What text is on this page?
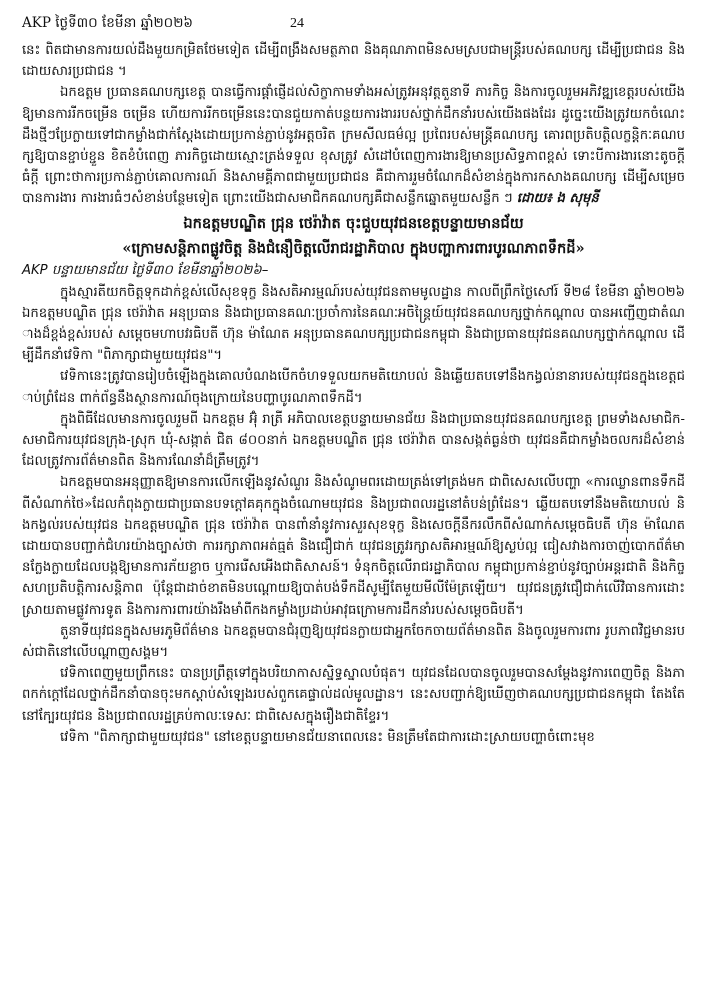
AKP ថ្ងៃទី៣០ ខែមីនា ឆ្នាំ២០២៦	24

នេះ ពិតជាមានការយល់ដឹងមួយកម្រិតថែមទៀត ដើម្បីពង្រឹងសមត្ថភាព និងគុណភាពមិនសមស្របជាមន្ត្រីរបស់គណបក្ស ដើម្បីប្រជាជន និងដោយសារប្រជាជន ។

ឯកឧត្តម ប្រធានគណបក្សខេត្ត បានធ្វើការផ្តាំផ្ញើដល់សិក្ខាកាមទាំងអស់ត្រូវអនុវត្តតួនាទី ភារកិច្ច និងការចូលរួមអភិវឌ្ឍខេត្តរបស់យើងឱ្យមានការរីកចម្រើន ចម្រើន ហើយការរីកចម្រើននេះបានជួយកាត់បន្ថយការងាររបស់ថ្នាក់ដឹកនាំរបស់យើងផងដែរ ដូច្នេះយើងត្រូវយកចំណេះដឹងថ្មីៗប្រែក្លាយទៅជាកម្លាំងជាក់ស្តែងដោយប្រកាន់ភ្ជាប់នូវអត្តចរិត ក្រមសីលធម៌ល្អ ប្រពៃរបស់មន្ត្រីគណបក្ស គោរពប្រតិបត្តិលក្ខន្តិកៈគណបក្សឱ្យបានខ្ជាប់ខ្ជួន ខិតខំបំពេញ ភារកិច្ចដោយស្មោះត្រង់ទទួល ខុសត្រូវ សំដៅបំពេញការងារឱ្យមានប្រសិទ្ធភាពខ្ពស់ ទោះបីការងារនោះតូចក្តី ធំក្តី ព្រោះថាការប្រកាន់ភ្ជាប់គោលការណ៍ និងសាមគ្គីភាពជាមួយប្រជាជន គឺជាការរួមចំណែកដ៏សំខាន់ក្នុងការកសាងគណបក្ស ដើម្បីសម្រេចបានការងារ ការងារធំៗសំខាន់បន្ថែមទៀត ព្រោះយើងជាសមាជិកគណបក្សគឺជាសន្លឹកឆ្នោតមួយសន្លឹក ៗ ដោយ៖ ង សុមុនី

ឯកឧត្តមបណ្ឌិត ជ្រុន ថេរ៉ាវ៉ាត ចុះជួបយុវជនខេត្តបន្ទាយមានជ័យ
«ក្រោមសន្តិភាពផ្លូវចិត្ត និងជំនឿចិត្តលើរាជរដ្ឋាភិបាល ក្នុងបញ្ហាការពារបូរណភាពទឹកដី»

AKP បន្ទាយមានជ័យ ថ្ងៃទី៣០ ខែមីនាឆ្នាំ២០២៦–

ក្នុងស្មារតីយកចិត្តទុកដាក់ខ្ពស់លើសុខទុក្ខ និងសតិអារម្មណ៍របស់យុវជនតាមមូលដ្ឋាន កាលពីព្រឹកថ្ងៃសៅរ៍ ទី២៨ ខែមីនា ឆ្នាំ២០២៦ ឯកឧត្តមបណ្ឌិត ជ្រុន ថេរ៉ាវ៉ាត អនុប្រធាន និងជាប្រធានគណៈប្រចាំការនៃគណៈអចិន្ត្រៃយ៍យុវជនគណបក្សថ្នាក់កណ្តាល បានអញ្ជើញជាតំណាងដ៏ខ្ពង់ខ្ពស់របស់ សម្តេចមហាបវរធិបតី ហ៊ុន ម៉ាណែត អនុប្រធានគណបក្សប្រជាជនកម្ពុជា និងជាប្រធានយុវជនគណបក្សថ្នាក់កណ្តាល ដើម្បីដឹកនាំវេទិកា "ពិភាក្សាជាមួយយុវជន"។

វេទិកានេះត្រូវបានរៀបចំឡើងក្នុងគោលបំណងបើកចំហទទួលយកមតិយោបល់ និងឆ្លើយតបទៅនឹងកង្វល់នានារបស់យុវជនក្នុងខេត្តជាប់ព្រំដែន ពាក់ព័ន្ធនឹងស្ថានការណ៍ចុងក្រោយនៃបញ្ហាបូរណភាពទឹកដី។

ក្នុងពិធីដែលមានការចូលរួមពី ឯកឧត្តម អ៊ុំ រាត្រី អភិបាលខេត្តបន្ទាយមានជ័យ និងជាប្រធានយុវជនគណបក្សខេត្ត ព្រមទាំងសមាជិក-សមាជិការយុវជនក្រុង-ស្រុក ឃុំ-សង្កាត់ ជិត ៨០០នាក់ ឯកឧត្តមបណ្ឌិត ជ្រុន ថេរ៉ាវ៉ាត បានសង្កត់ធ្ងន់ថា យុវជនគឺជាកម្លាំងចលករដ៏សំខាន់ដែលត្រូវការព័ត៌មានពិត និងការណែនាំដ៏ត្រឹមត្រូវ។

ឯកឧត្តមបានអនុញ្ញាតឱ្យមានការលើកឡើងនូវសំណួរ និងសំណូមពរដោយត្រង់ទៅត្រង់មក ជាពិសេសលើបញ្ហា «ការឈ្លានពានទឹកដីពីសំណាក់ថៃ»ដែលកំពុងក្លាយជាប្រធានបទក្តៅគគុកក្នុងចំណោមយុវជន និងប្រជាពលរដ្ឋនៅតំបន់ព្រំដែន។ ឆ្លើយតបទៅនឹងមតិយោបល់ និងកង្វល់របស់យុវជន ឯកឧត្តមបណ្ឌិត ជ្រុន ថេរ៉ាវ៉ាត បានពាំនាំនូវការសួរសុខទុក្ខ និងសេចក្តីនឹករលឹកពីសំណាក់សម្តេចធិបតី ហ៊ុន ម៉ាណែត ដោយបានបញ្ជាក់ជំហរយ៉ាងច្បាស់ថា ការរក្សាភាពអត់ធ្មត់ និងជឿជាក់ យុវជនត្រូវរក្សាសតិអារម្មណ៍ឱ្យស្ងប់ល្អ ជៀសវាងការចាញ់បោកព័ត៌មានក្លែងក្លាយដែលបង្កឱ្យមានការភ័យខ្លាច ឬការរើសអើងជាតិសាសន៍។ ទំនុកចិត្តលើរាជរដ្ឋាភិបាល កម្ពុជាប្រកាន់ខ្ជាប់នូវច្បាប់អន្តរជាតិ និងកិច្ចសហប្រតិបត្តិការសន្តិភាព ប៉ុន្តែជាដាច់ខាតមិនបណ្តោយឱ្យបាត់បង់ទឹកដីសូម្បីតែមួយមីលីម៉ែត្រឡើយ។ យុវជនត្រូវជឿជាក់លើវិធានការដោះស្រាយតាមផ្លូវការទូត និងការការពារយ៉ាងរឹងមាំពីកងកម្លាំងប្រដាប់អាវុធក្រោមការដឹកនាំរបស់សម្តេចធិបតី។

តួនាទីយុវជនក្នុងសមរភូមិព័ត៌មាន ឯកឧត្តមបានជំរុញឱ្យយុវជនក្លាយជាអ្នកចែកចាយព័ត៌មានពិត និងចូលរួមការពារ រូបភាពវិជ្ជមានរបស់ជាតិនៅលើបណ្តាញសង្គម។

វេទិកាពេញមួយព្រឹកនេះ បានប្រព្រឹត្តទៅក្នុងបរិយាកាសស្និទ្ធស្នាលបំផុត។ យុវជនដែលបានចូលរួមបានសម្តែងនូវការពេញចិត្ត និងភាពកក់ក្តៅដែលថ្នាក់ដឹកនាំបានចុះមកស្តាប់សំឡេងរបស់ពួកគេផ្ទាល់ដល់មូលដ្ឋាន។ នេះសបញ្ជាក់ឱ្យឃើញថាគណបក្សប្រជាជនកម្ពុជា តែងតែនៅក្បែរយុវជន និងប្រជាពលរដ្ឋគ្រប់កាលៈទេសៈ ជាពិសេសក្នុងរឿងជាតិខ្ទែរ។

វេទិកា "ពិភាក្សាជាមួយយុវជន" នៅខេត្តបន្ទាយមានជ័យនាពេលនេះ មិនត្រឹមតែជាការដោះស្រាយបញ្ហាចំពោះមុខ
